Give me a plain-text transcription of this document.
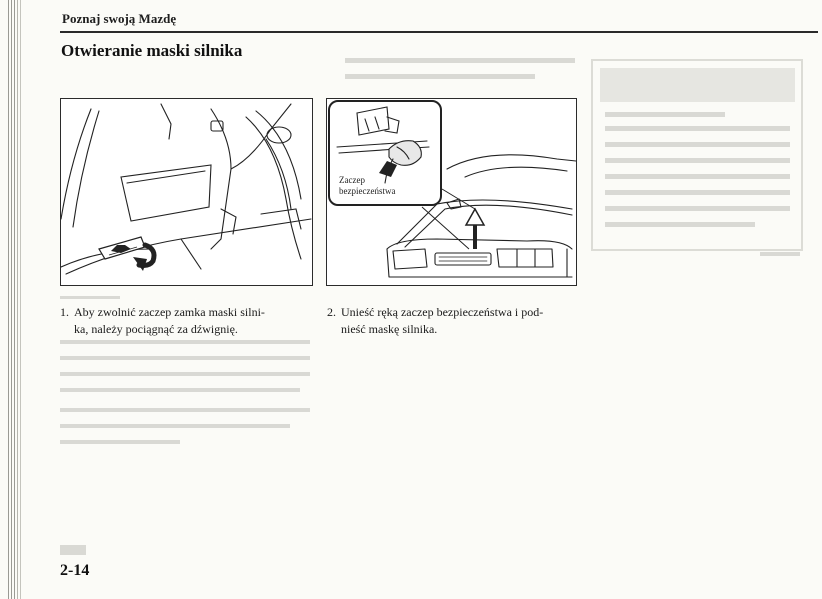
Poznaj swoją Mazdę
Otwieranie maski silnika
Zaczep
bezpieczeństwa
1. Aby zwolnić zaczep zamka maski silni-
ka, należy pociągnąć za dźwignię.
2. Unieść ręką zaczep bezpieczeństwa i pod-
nieść maskę silnika.
2-14
